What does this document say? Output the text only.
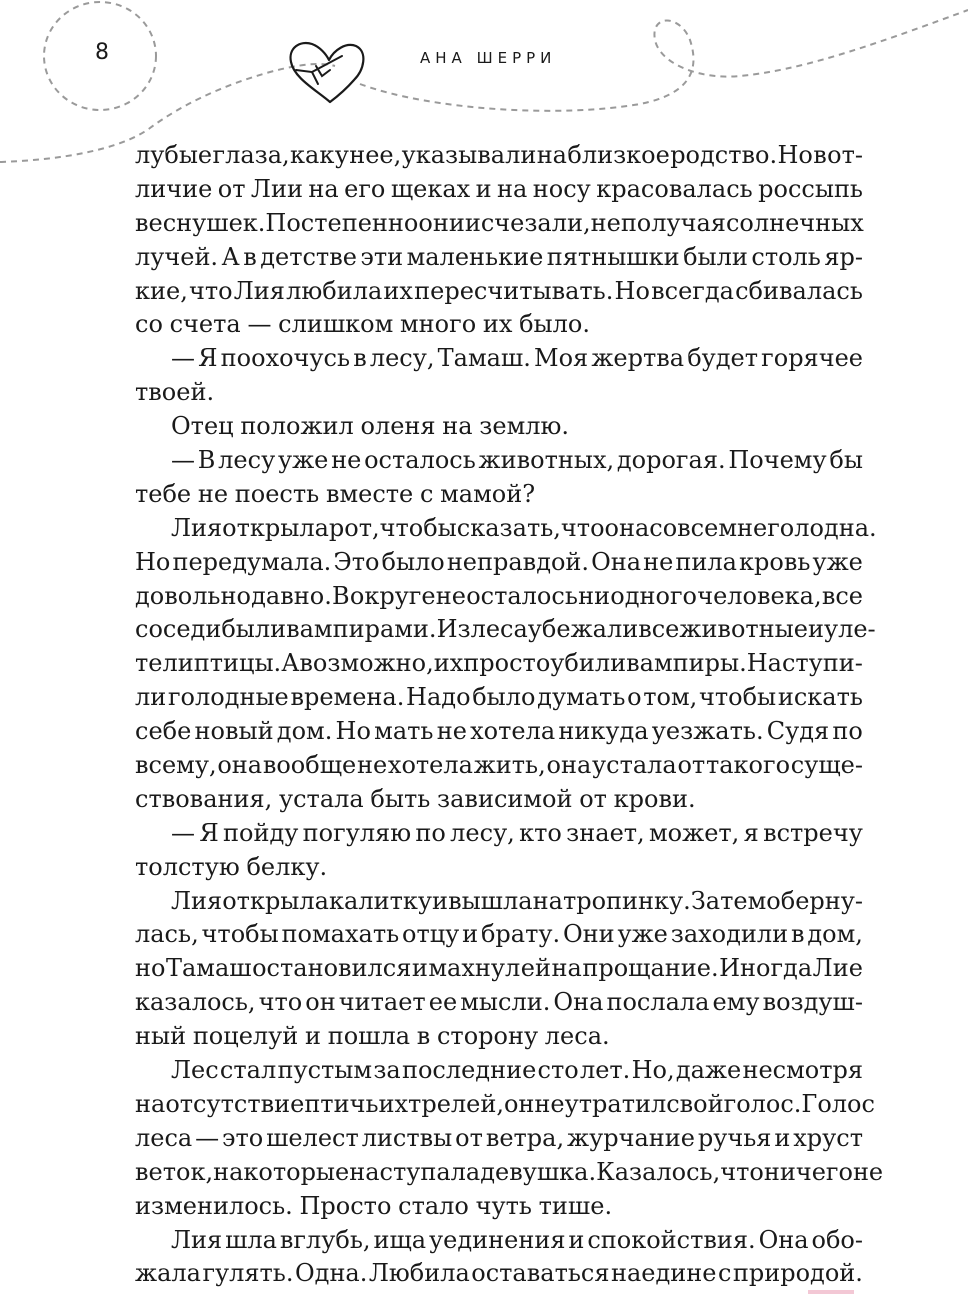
8	АНА ШЕРРИ
лубые глаза, как у нее, указывали на близкое родство. Но в от-
личие от Лии на его щеках и на носу красовалась россыпь
веснушек. Постепенно они исчезали, не получая солнечных
лучей. А в детстве эти маленькие пятнышки были столь яр-
кие, что Лия любила их пересчитывать. Но всегда сбивалась
со счета — слишком много их было.
— Я поохочусь в лесу, Тамаш. Моя жертва будет горячее
твоей.
Отец положил оленя на землю.
— В лесу уже не осталось животных, дорогая. Почему бы
тебе не поесть вместе с мамой?
Лия открыла рот, чтобы сказать, что она совсем не голодна.
Но передумала. Это было неправдой. Она не пила кровь уже
довольно давно. В округе не осталось ни одного человека, все
соседи были вампирами. Из леса убежали все животные и уле-
тели птицы. А возможно, их просто убили вампиры. Наступи-
ли голодные времена. Надо было думать о том, чтобы искать
себе новый дом. Но мать не хотела никуда уезжать. Судя по
всему, она вообще не хотела жить, она устала от такого суще-
ствования, устала быть зависимой от крови.
— Я пойду погуляю по лесу, кто знает, может, я встречу
толстую белку.
Лия открыла калитку и вышла на тропинку. Затем оберну-
лась, чтобы помахать отцу и брату. Они уже заходили в дом,
но Тамаш остановился и махнул ей на прощание. Иногда Лие
казалось, что он читает ее мысли. Она послала ему воздуш-
ный поцелуй и пошла в сторону леса.
Лес стал пустым за последние сто лет. Но, даже несмотря
на отсутствие птичьих трелей, он не утратил свой голос. Голос
леса — это шелест листвы от ветра, журчание ручья и хруст
веток, на которые наступала девушка. Казалось, что ничего не
изменилось. Просто стало чуть тише.
Лия шла вглубь, ища уединения и спокойствия. Она обо-
жала гулять. Одна. Любила оставаться наедине с природой.
